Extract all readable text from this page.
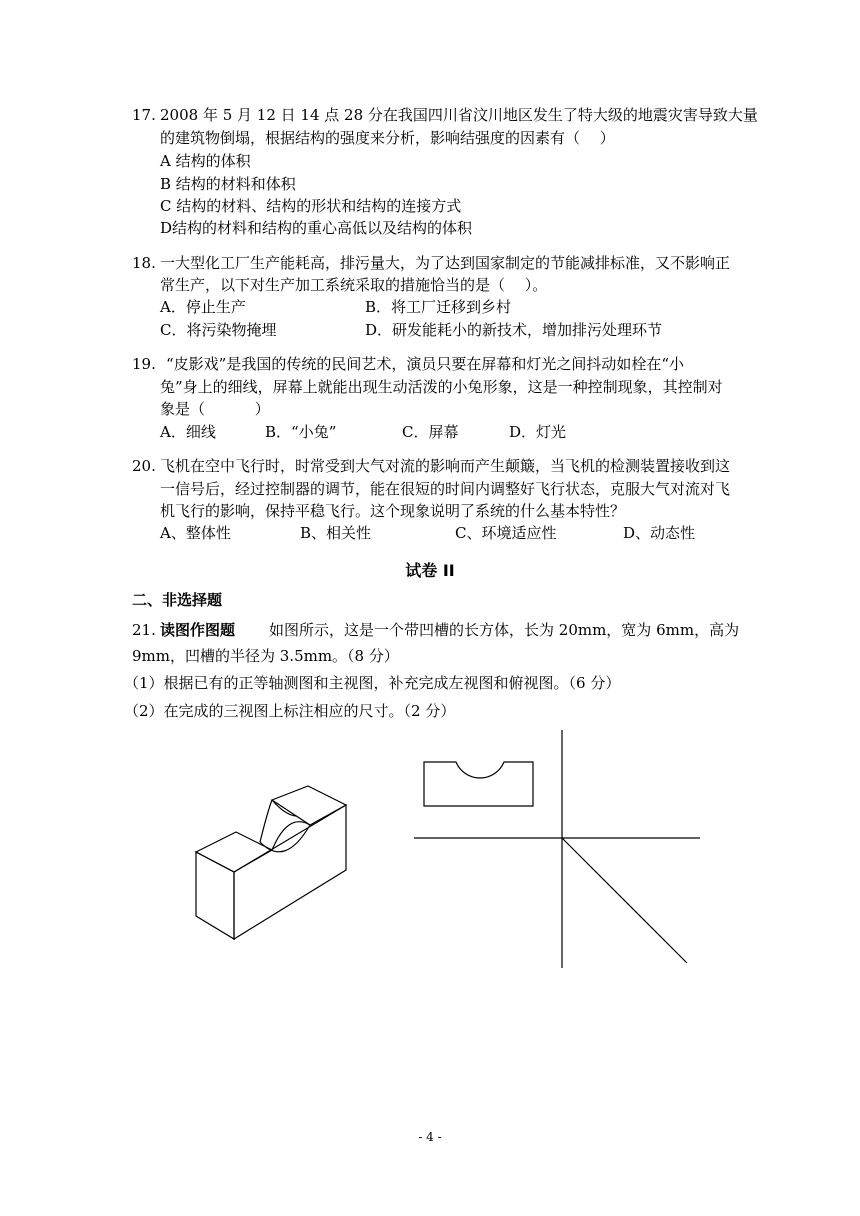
17. 2008 年 5 月 12 日 14 点 28 分在我国四川省汶川地区发生了特大级的地震灾害导致大量
的建筑物倒塌，根据结构的强度来分析，影响结强度的因素有（　 ）
A 结构的体积
B 结构的材料和体积
C 结构的材料、结构的形状和结构的连接方式
D结构的材料和结构的重心高低以及结构的体积
18. 一大型化工厂生产能耗高，排污量大，为了达到国家制定的节能减排标准，又不影响正
常生产，以下对生产加工系统采取的措施恰当的是（　 ）。
A．停止生产	B．将工厂迁移到乡村
C．将污染物掩埋	D．研发能耗小的新技术，增加排污处理环节
19. “皮影戏”是我国的传统的民间艺术，演员只要在屏幕和灯光之间抖动如栓在“小
兔”身上的细线，屏幕上就能出现生动活泼的小兔形象，这是一种控制现象，其控制对
象是（　　　 ）
A．细线	B．“小兔”	C．屏幕	D．灯光
20. 飞机在空中飞行时，时常受到大气对流的影响而产生颠簸，当飞机的检测装置接收到这
一信号后，经过控制器的调节，能在很短的时间内调整好飞行状态，克服大气对流对飞
机飞行的影响，保持平稳飞行。这个现象说明了系统的什么基本特性？
A、整体性	B、相关性	C、环境适应性	D、动态性
试卷 II
二、非选择题
21. 读图作图题 如图所示，这是一个带凹槽的长方体，长为 20mm，宽为 6mm，高为
9mm，凹槽的半径为 3.5mm。（8 分）
（1）根据已有的正等轴测图和主视图，补充完成左视图和俯视图。（6 分）
（2）在完成的三视图上标注相应的尺寸。（2 分）
- 4 -
